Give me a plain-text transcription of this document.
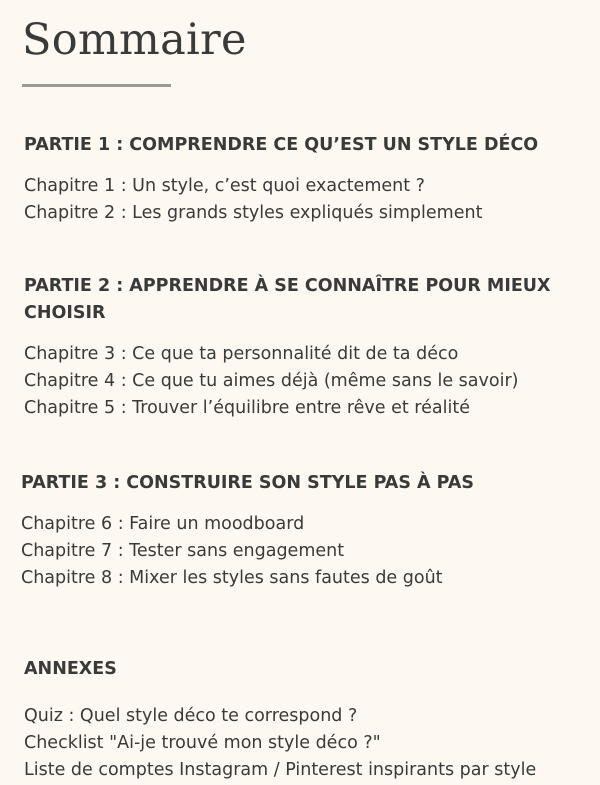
Sommaire
PARTIE 1 : COMPRENDRE CE QU’EST UN STYLE DÉCO
Chapitre 1 : Un style, c’est quoi exactement ?
Chapitre 2 : Les grands styles expliqués simplement
PARTIE 2 : APPRENDRE À SE CONNAÎTRE POUR MIEUX CHOISIR
Chapitre 3 : Ce que ta personnalité dit de ta déco
Chapitre 4 : Ce que tu aimes déjà (même sans le savoir)
Chapitre 5 : Trouver l’équilibre entre rêve et réalité
PARTIE 3 : CONSTRUIRE SON STYLE PAS À PAS
Chapitre 6 : Faire un moodboard
Chapitre 7 : Tester sans engagement
Chapitre 8 : Mixer les styles sans fautes de goût
ANNEXES
Quiz : Quel style déco te correspond ?
Checklist "Ai-je trouvé mon style déco ?"
Liste de comptes Instagram / Pinterest inspirants par style
